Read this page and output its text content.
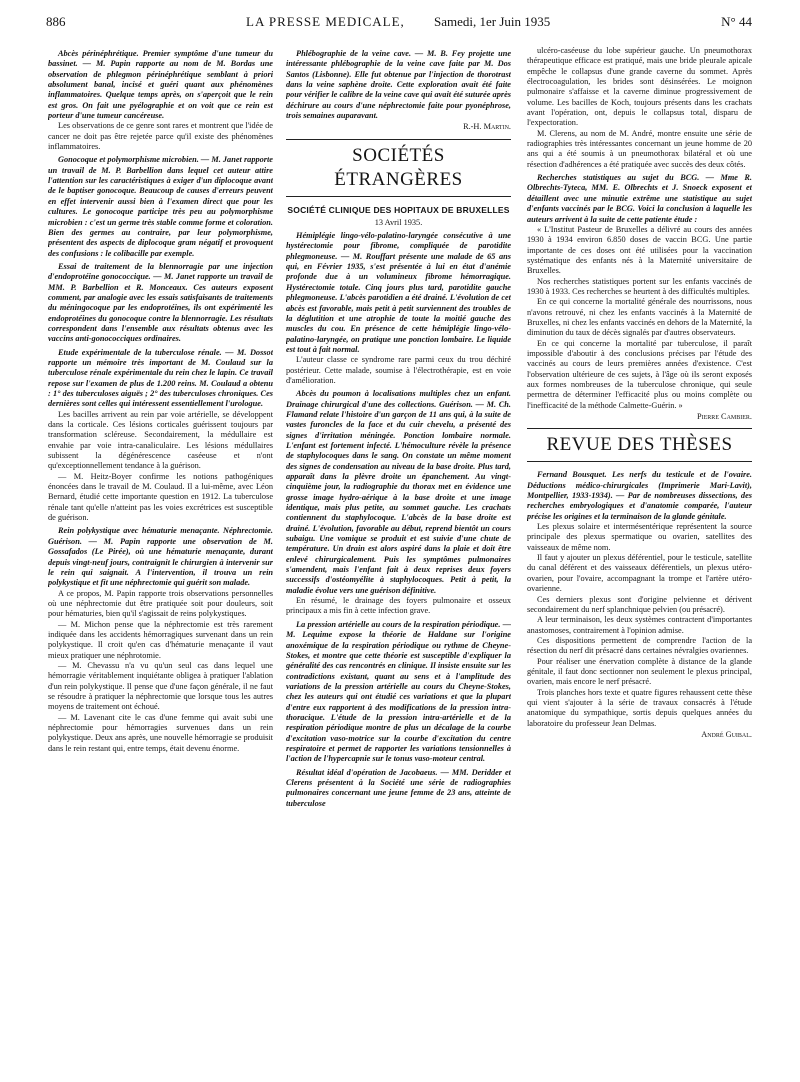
886	LA PRESSE MEDICALE, Samedi, 1er Juin 1935	N° 44

Abcès périnéphrétique. Premier symptôme d'une tumeur du bassinet. — M. Papin rapporte au nom de M. Bordas une observation de phlegmon périnéphrétique semblant à priori absolument banal, incisé et guéri quant aux phénomènes inflammatoires. Quelque temps après, on s'aperçoit que le rein est gros. On fait une pyélographie et on voit que ce rein est porteur d'une tumeur cancéreuse.

Les observations de ce genre sont rares et montrent que l'idée de cancer ne doit pas être rejetée parce qu'il existe des phénomènes inflammatoires.

Gonocoque et polymorphisme microbien. — M. Janet rapporte un travail de M. P. Barbellion dans lequel cet auteur attire l'attention sur les caractéristiques à exiger d'un diplocoque avant de le baptiser gonocoque. Beaucoup de causes d'erreurs peuvent en effet intervenir aussi bien à l'examen direct que pour les cultures. Le gonocoque participe très peu au polymorphisme microbien : c'est un germe très stable comme forme et coloration. Bien des germes au contraire, par leur polymorphisme, présentent des aspects de diplocoque gram négatif et provoquent des confusions : le colibacille par exemple.

Essai de traitement de la blennorragie par une injection d'endoprotéine gonococcique. — M. Janet rapporte un travail de MM. P. Barbellion et R. Monceaux. Ces auteurs exposent comment, par analogie avec les essais satisfaisants de traitements du méningocoque par les endoprotéines, ils ont expérimenté les endoprotéines du gonocoque contre la blennorragie. Les résultats correspondent dans l'ensemble aux résultats obtenus avec les vaccins anti-gonococciques ordinaires.

Etude expérimentale de la tuberculose rénale. — M. Dossot rapporte un mémoire très important de M. Coulaud sur la tuberculose rénale expérimentale du rein chez le lapin. Ce travail repose sur l'examen de plus de 1.200 reins. M. Coulaud a obtenu : 1° des tuberculoses aiguës ; 2° des tuberculoses chroniques. Ces dernières sont celles qui intéressent essentiellement l'urologue.

Les bacilles arrivent au rein par voie artérielle, se développent dans la corticale. Ces lésions corticales guérissent toujours par transformation scléreuse. Secondairement, la médullaire est envahie par voie intra-canaliculaire. Les lésions médullaires subissent la dégénérescence caséeuse et n'ont qu'exceptionnellement tendance à la guérison.

— M. Heitz-Boyer confirme les notions pathogéniques énoncées dans le travail de M. Coulaud. Il a lui-même, avec Léon Bernard, étudié cette importante question en 1912. La tuberculose rénale tant qu'elle n'atteint pas les voies excrétrices est susceptible de guérison.

Rein polykystique avec hématurie menaçante. Néphrectomie. Guérison. — M. Papin rapporte une observation de M. Gossafados (Le Pirée), où une hématurie menaçante, durant depuis vingt-neuf jours, contraignit le chirurgien à intervenir sur le rein qui saignait. A l'intervention, il trouva un rein polykystique et fit une néphrectomie qui guérit son malade.

A ce propos, M. Papin rapporte trois observations personnelles où une néphrectomie dut être pratiquée soit pour douleurs, soit pour hématuries, bien qu'il s'agissait de reins polykystiques.

— M. Michon pense que la néphrectomie est très rarement indiquée dans les accidents hémorragiques survenant dans un rein polykystique. Il croit qu'en cas d'hématurie menaçante il vaut mieux pratiquer une néphrotomie.

— M. Chevassu n'a vu qu'un seul cas dans lequel une hémorragie véritablement inquiétante obligea à pratiquer l'ablation d'un rein polykystique. Il pense que d'une façon générale, il ne faut se résoudre à pratiquer la néphrectomie que lorsque tous les autres moyens de traitement ont échoué.

— M. Lavenant cite le cas d'une femme qui avait subi une néphrectomie pour hémorragies survenues dans un rein polykystique. Deux ans après, une nouvelle hémorragie se produisit dans le rein restant qui, entre temps, était devenu énorme.

Phlébographie de la veine cave. — M. B. Fey projette une intéressante phlébographie de la veine cave faite par M. Dos Santos (Lisbonne). Elle fut obtenue par l'injection de thorotrast dans la veine saphène droite. Cette exploration avait été faite pour vérifier le calibre de la veine cave qui avait été suturée après déchirure au cours d'une néphrectomie faite pour pyonéphrose, trois semaines auparavant.

R.-H. Martin.

SOCIÉTÉS ÉTRANGÈRES
SOCIÉTÉ CLINIQUE DES HOPITAUX DE BRUXELLES

13 Avril 1935.

Hémiplégie lingo-vélo-palatino-laryngée consécutive à une hystérectomie pour fibrome, compliquée de parotidite phlegmoneuse. — M. Rouffart présente une malade de 65 ans qui, en Février 1935, s'est présentée à lui en état d'anémie profonde due à un volumineux fibrome hémorragique. Hystérectomie totale. Cinq jours plus tard, parotidite gauche phlegmoneuse. L'abcès parotidien a été drainé. L'évolution de cet abcès est favorable, mais petit à petit surviennent des troubles de la déglutition et une atrophie de toute la moitié gauche des muscles du cou. En présence de cette hémiplégie lingo-vélo-palatino-laryngée, on pratique une ponction lombaire. Le liquide est tout à fait normal.

L'auteur classe ce syndrome rare parmi ceux du trou déchiré postérieur. Cette malade, soumise à l'électrothérapie, est en voie d'amélioration.

Abcès du poumon à localisations multiples chez un enfant. Drainage chirurgical d'une des collections. Guérison. — M. Ch. Flamand relate l'histoire d'un garçon de 11 ans qui, à la suite de vastes furoncles de la face et du cuir chevelu, a présenté des signes d'irritation méningée. Ponction lombaire normale. L'enfant est fortement infecté. L'hémoculture révèle la présence de staphylocoques dans le sang. On constate un même moment des signes de condensation au niveau de la base droite. Plus tard, apparaît dans la plèvre droite un épanchement. Au vingt-cinquième jour, la radiographie du thorax met en évidence une grosse image hydro-aérique à la base droite et une image identique, mais plus petite, au sommet gauche. Les crachats contiennent du staphylocoque. L'abcès de la base droite est drainé. L'évolution, favorable au début, reprend bientôt un cours subaigu. Une vomique se produit et est suivie d'une chute de température. Un drain est alors aspiré dans la plaie et doit être enlevé chirurgicalement. Puis les symptômes pulmonaires s'amendent, mais l'enfant fait à deux reprises deux foyers successifs d'ostéomyélite à staphylocoques. Petit à petit, la maladie évolue vers une guérison définitive.

En résumé, le drainage des foyers pulmonaire et osseux principaux a mis fin à cette infection grave.

La pression artérielle au cours de la respiration périodique. — M. Lequime expose la théorie de Haldane sur l'origine anoxémique de la respiration périodique ou rythme de Cheyne-Stokes, et montre que cette théorie est susceptible d'expliquer la généralité des cas rencontrés en clinique. Il insiste ensuite sur les contradictions existant, quant au sens et à l'amplitude des variations de la pression artérielle au cours du Cheyne-Stokes, chez les auteurs qui ont étudié ces variations et que la plupart d'entre eux rapportent à des modifications de la pression intra-thoracique. L'étude de la pression intra-artérielle et de la respiration périodique montre de plus un décalage de la courbe d'excitation vaso-motrice sur la courbe d'excitation du centre respiratoire et permet de rapporter les variations tensionnelles à l'action de l'hypercapnie sur le tonus vaso-moteur central.

Résultat idéal d'opération de Jacobaeus. — MM. Deridder et Clerens présentent à la Société une série de radiographies pulmonaires concernant une jeune femme de 23 ans, atteinte de tuberculose

ulcéro-caséeuse du lobe supérieur gauche. Un pneumothorax thérapeutique efficace est pratiqué, mais une bride pleurale apicale empêche le collapsus d'une grande caverne du sommet. Après électrocoagulation, les brides sont désinsérées. Le moignon pulmonaire s'affaisse et la caverne diminue progressivement de volume. Les bacilles de Koch, toujours présents dans les crachats avant l'opération, ont, depuis le collapsus total, disparu de l'expectoration.

M. Clerens, au nom de M. André, montre ensuite une série de radiographies très intéressantes concernant un jeune homme de 20 ans qui a été soumis à un pneumothorax bilatéral et où une résection d'adhérences a été pratiquée avec succès des deux côtés.

Recherches statistiques au sujet du BCG. — Mme R. Olbrechts-Tyteca, MM. E. Olbrechts et J. Snoeck exposent et détaillent avec une minutie extrême une statistique au sujet d'enfants vaccinés par le BCG. Voici la conclusion à laquelle les auteurs arrivent à la suite de cette patiente étude :

« L'Institut Pasteur de Bruxelles a délivré au cours des années 1930 à 1934 environ 6.850 doses de vaccin BCG. Une partie importante de ces doses ont été utilisées pour la vaccination systématique des enfants nés à la Maternité universitaire de Bruxelles.

Nos recherches statistiques portent sur les enfants vaccinés de 1930 à 1933. Ces recherches se heurtent à des difficultés multiples.

En ce qui concerne la mortalité générale des nourrissons, nous n'avons retrouvé, ni chez les enfants vaccinés à la Maternité de Bruxelles, ni chez les enfants vaccinés en dehors de la Maternité, la diminution du taux de décès signalés par d'autres observateurs.

En ce qui concerne la mortalité par tuberculose, il paraît impossible d'aboutir à des conclusions précises par l'étude des vaccinés au cours de leurs premières années d'existence. C'est l'observation ultérieure de ces sujets, à l'âge où ils seront exposés aux formes nombreuses de la tuberculose chronique, qui seule permettra de déterminer l'efficacité plus ou moins complète ou l'inefficacité de la méthode Calmette-Guérin. »

Pierre Cambier.

REVUE DES THÈSES

Fernand Bousquet. Les nerfs du testicule et de l'ovaire. Déductions médico-chirurgicales (Imprimerie Mari-Lavit), Montpellier, 1933-1934). — Par de nombreuses dissections, des recherches embryologiques et d'anatomie comparée, l'auteur précise les origines et la terminaison de la glande génitale.

Les plexus solaire et intermésentérique représentent la source principale des plexus spermatique ou ovarien, satellites des vaisseaux de même nom.

Il faut y ajouter un plexus déférentiel, pour le testicule, satellite du canal déférent et des vaisseaux déférentiels, un plexus utéro-ovarien, pour l'ovaire, accompagnant la trompe et l'artère utéro-ovarienne.

Ces derniers plexus sont d'origine pelvienne et dérivent secondairement du nerf splanchnique pelvien (ou présacré).

A leur terminaison, les deux systèmes contractent d'importantes anastomoses, contrairement à l'opinion admise.

Ces dispositions permettent de comprendre l'action de la résection du nerf dit présacré dans certaines névralgies ovariennes.

Pour réaliser une énervation complète à distance de la glande génitale, il faut donc sectionner non seulement le plexus principal, ovarien, mais encore le nerf présacré.

Trois planches hors texte et quatre figures rehaussent cette thèse qui vient s'ajouter à la série de travaux consacrés à l'étude anatomique du sympathique, sortis depuis quelques années du laboratoire du professeur Jean Delmas.

André Guibal.
